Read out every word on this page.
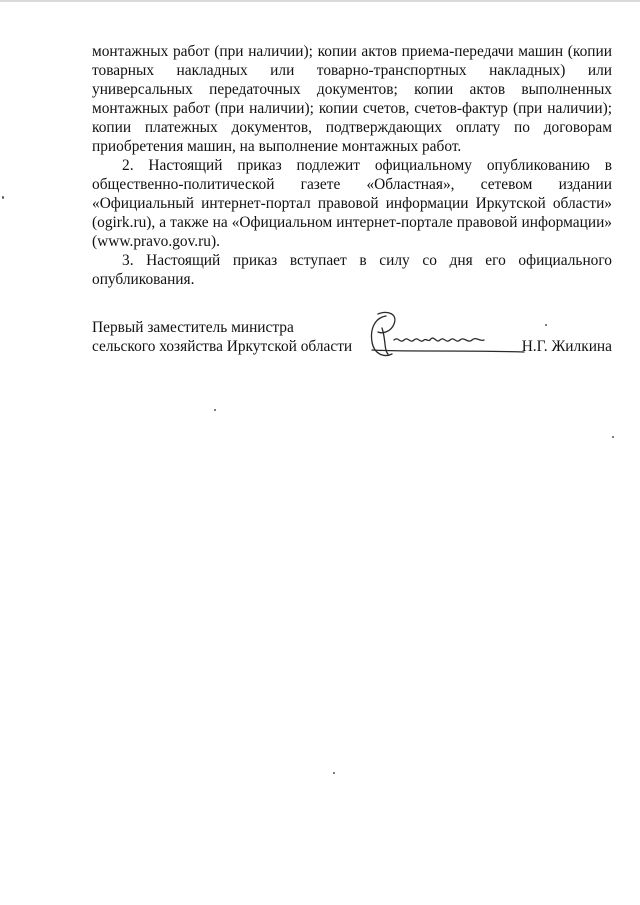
монтажных работ (при наличии); копии актов приема-передачи машин (копии товарных накладных или товарно-транспортных накладных) или универсальных передаточных документов; копии актов выполненных монтажных работ (при наличии); копии счетов, счетов-фактур (при наличии); копии платежных документов, подтверждающих оплату по договорам приобретения машин, на выполнение монтажных работ.

2. Настоящий приказ подлежит официальному опубликованию в общественно-политической газете «Областная», сетевом издании «Официальный интернет-портал правовой информации Иркутской области» (ogirk.ru), а также на «Официальном интернет-портале правовой информации» (www.pravo.gov.ru).

3. Настоящий приказ вступает в силу со дня его официального опубликования.

Первый заместитель министра
сельского хозяйства Иркутской области	Н.Г. Жилкина
